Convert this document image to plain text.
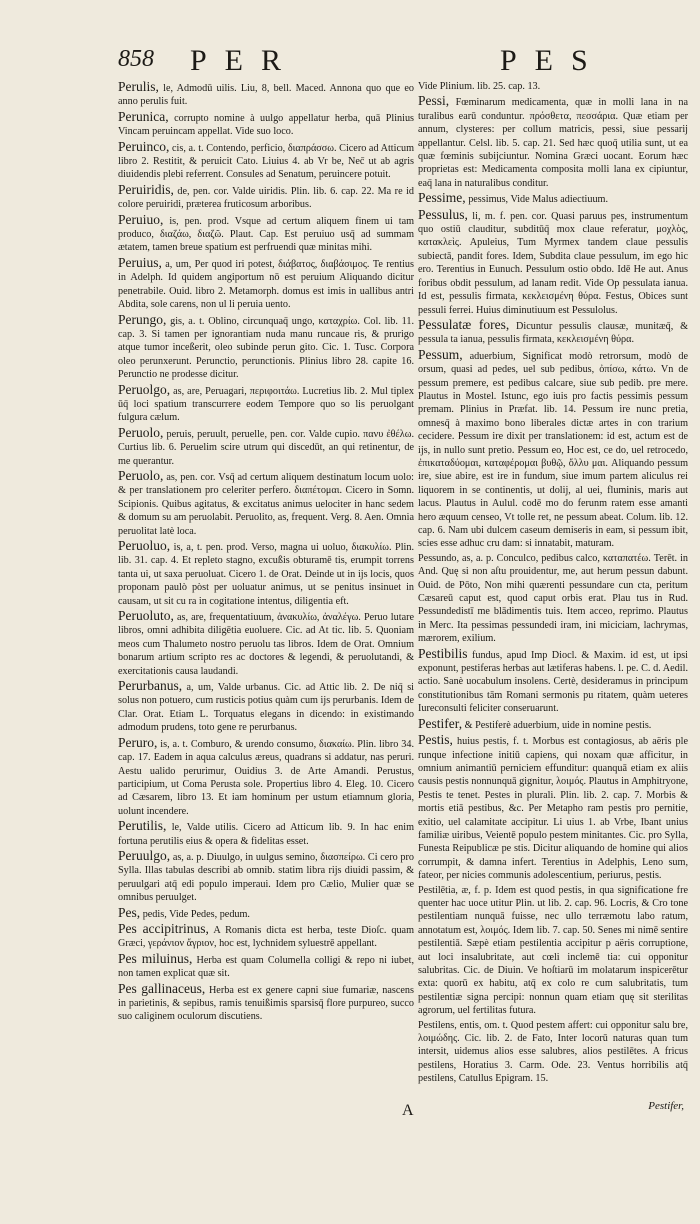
858 PER	PES

Perulis, le, Admodū uilis. Liu, 8, bell. Maced. Annona quo que eo anno perulis fuit.

Perunica, corrupto nomine à uulgo appellatur herba, quā Plinius Vincam peruincam appellat. Vide suo loco.

Peruinco, cis, a. t. Contendo, perficio, διαπράσσω. Cicero ad Atticum libro 2. Restitit, & peruicit Cato. Liuius 4. ab Vr be, Nec̄ ut ab agris diuidendis plebi referrent. Consules ad Senatum, peruincere potuit.

Peruiridis, de, pen. cor. Valde uiridis. Plin. lib. 6. cap. 22. Ma re id colore peruiridi, præterea fruticosum arboribus.

Peruiuo, is, pen. prod. Vsque ad certum aliquem finem ui tam produco, διαζάω, διαζῶ. Plaut. Cap. Est peruiuo usq̄ ad summam ætatem, tamen breue spatium est perfruendi quæ minitas mihi.

Peruius, a, um, Per quod iri potest, διάβατος, διαβάσιμος. Te rentius in Adelph. Id quidem angiportum nō est peruium Aliquando dicitur penetrabile. Ouid. libro 2. Metamorph. domus est imis in uallibus antri Abdita, sole carens, non ul li peruia uento.

Perungo, gis, a. t. Oblino, circunquaq̄ ungo, καταχρίω. Col. lib. 11. cap. 3. Si tamen per ignorantiam nuda manu runcaue ris, & prurigo atque tumor inceßerit, oleo subinde perun gito. Cic. 1. Tusc. Corpora oleo perunxerunt. Perunctio, perunctionis. Plinius libro 28. capite 16. Perunctio ne prodesse dicitur.

Peruolgo, as, are, Peruagari, περιφοιτάω. Lucretius lib. 2. Mul tiplex ūq̄ loci spatium transcurrere eodem Tempore quo so lis peruolgant fulgura cælum.

Peruolo, peruis, peruult, peruelle, pen. cor. Valde cupio. πανυ ἐθέλω. Curtius lib. 6. Peruelim scire utrum qui discedūt, an qui retinentur, de me querantur.

Peruolo, as, pen. cor. Vsq̄ ad certum aliquem destinatum locum uolo: & per translationem pro celeriter perfero. διαπέτομαι. Cicero in Somn. Scipionis. Quibus agitatus, & excitatus animus uelociter in hanc sedem & domum su am peruolabit. Peruolito, as, frequent. Verg. 8. Aen. Omnia peruolitat latè loca.

Peruoluo, is, a, t. pen. prod. Verso, magna ui uoluo, διακυλίω. Plin. lib. 31. cap. 4. Et repleto stagno, excußis obturamē tis, erumpit torrens tanta ui, ut saxa peruoluat. Cicero 1. de Orat. Deinde ut in ijs locis, quos proponam paulò pòst per uoluatur animus, ut se penitus insinuet in causam, ut sit cu ra in cogitatione intentus, diligentia eft.

Peruoluto, as, are, frequentatiuum, ἀνακυλίω, ἀναλέγω. Peruo lutare libros, omni adhibita diligētia euoluere. Cic. ad At tic. lib. 5. Quoniam meos cum Thalumeto nostro peruolu tas libros. Idem de Orat. Omnium bonarum artium scripto res ac doctores & legendi, & peruolutandi, & exercitationis causa laudandi.

Perurbanus, a, um, Valde urbanus. Cic. ad Attic lib. 2. De niq̄ si solus non potuero, cum rusticis potius quàm cum ijs perurbanis. Idem de Clar. Orat. Etiam L. Torquatus elegans in dicendo: in existimando admodum prudens, toto gene re perurbanus.

Peruro, is, a. t. Comburo, & urendo consumo, διακαίω. Plin. libro 34. cap. 17. Eadem in aqua calculus æreus, quadrans si addatur, nas peruri. Aestu ualido perurimur, Ouidius 3. de Arte Amandi. Perustus, participium, ut Coma Perusta sole. Propertius libro 4. Eleg. 10. Cicero ad Cæsarem, libro 13. Et iam hominum per ustum etiamnum gloria, uolunt incendere.

Perutilis, le, Valde utilis. Cicero ad Atticum lib. 9. In hac enim fortuna perutilis eius & opera & fidelitas esset.

Peruulgo, as, a. p. Diuulgo, in uulgus semino, διασπείρω. Ci cero pro Sylla. Illas tabulas describi ab omnib. statim libra rijs diuidi passim, & peruulgari atq̄ edi populo imperaui. Idem pro Cælio, Mulier quæ se omnibus peruulget.

Pes, pedis, Vide Pedes, pedum.

Pes accipitrinus, A Romanis dicta est herba, teste Dioſc. quam Græci, γεράνιον ἄγριον, hoc est, lychnidem syluestrē appellant.

Pes miluinus, Herba est quam Columella colligi & repo ni iubet, non tamen explicat quæ sit.

Pes gallinaceus, Herba est ex genere capni siue fumariæ, nascens in parietinis, & sepibus, ramis tenuißimis sparsisq̄ flore purpureo, succo suo caliginem oculorum discutiens.

Vide Plinium. lib. 25. cap. 13.

Pessi, Fœminarum medicamenta, quæ in molli lana in na turalibus earū conduntur. πρόσθετα, πεσσάρια. Quæ etiam per annum, clysteres: per collum matricis, pessi, siue pessarij appellantur. Celsl. lib. 5. cap. 21. Sed hæc quoq̄ utilia sunt, ut ea quæ fœminis subijciuntur. Nomina Græci uocant. Eorum hæc proprietas est: Medicamenta composita molli lana ex cipiuntur, eaq̄ lana in naturalibus conditur.

Pessime, pessimus, Vide Malus adiectiuum.

Pessulus, li, m. f. pen. cor. Quasi paruus pes, instrumentum quo ostiū clauditur, subditūq̄ mox claue referatur, μοχλὸς, κατακλεὶς. Apuleius, Tum Myrmex tandem claue pessulis subiectā, pandit fores. Idem, Subdita claue pessulum, im ego hic ero. Terentius in Eunuch. Pessulum ostio obdo. Idē He aut. Anus foribus obdit pessulum, ad lanam redit. Vide Op pessulata ianua. Id est, pessulis firmata, κεκλεισμένη θύρα. Festus, Obices sunt pessuli ferrei. Huius diminutiuum est Pessulolus.

Pessulatæ fores, Dicuntur pessulis clausæ, munitæq̄, & pessula ta ianua, pessulis firmata, κεκλεισμένη θύρα.

Pessum, aduerbium, Significat modò retrorsum, modò de orsum, quasi ad pedes, uel sub pedibus, ὀπίσω, κάτω. Vn de pessum premere, est pedibus calcare, siue sub pedib. pre mere. Plautus in Mostel. Istunc, ego iuis pro factis pessimis pessum premam. Plinius in Præfat. lib. 14. Pessum ire nunc pretia, omnesq̄ à maximo bono liberales dictæ artes in con trarium cecidere. Pessum ire dixit per translationem: id est, actum est de ijs, in nullo sunt pretio. Pessum eo, Hoc est, ce do, uel retrocedo, ἐπικαταδύομαι, καταφέρομαι βυθῷ, ὄλλυ μαι. Aliquando pessum ire, siue abire, est ire in fundum, siue imum partem aliculus rei liquorem in se continentis, ut dolij, al uei, fluminis, maris aut lacus. Plautus in Aulul. codē mo do ferunm ratem esse amanti hero æquum censeo, Vt tolle ret, ne pessum abeat. Colum. lib. 12. cap. 6. Nam ubi dulcem caseum demiseris in eam, si pessum ibit, scies esse adhuc cru dam: si innatabit, maturam.

Pessundo, as, a. p. Conculco, pedibus calco, καταπατέω. Terēt. in And. Quę si non aſtu prouidentur, me, aut herum pessun dabunt. Ouid. de Pōto, Non mihi quærenti pessundare cun cta, peritum Cæsareū caput est, quod caput orbis erat. Plau tus in Rud. Pessundedistī me blādimentis tuis. Item acceo, reprimo. Plautus in Merc. Ita pessimas pessundedi iram, ini miciciam, lachrymas, mærorem, exilium.

Pestibilis fundus, apud Imp Diocl. & Maxim. id est, ut ipsi exponunt, pestiferas herbas aut lætiferas habens. l. pe. C. d. Aedil. actio. Sanè uocabulum insolens. Certè, desideramus in principum constitutionibus tām Romani sermonis pu ritatem, quàm ueteres Iureconsulti feliciter conseruarunt.

Pestifer, & Pestiferè aduerbium, uide in nomine pestis.

Pestis, huius pestis, f. t. Morbus est contagiosus, ab aëris ple runque infectione initiū capiens, qui noxam quæ afficitur, in omnium animantiū perniciem effunditur: quanquā etiam ex aliis causis pestis nonnunquā gignitur, λοιμός. Plautus in Amphitryone, Pestis te tenet. Pestes in plurali. Plin. lib. 2. cap. 7. Morbis & mortis etiā pestibus, &c. Per Metapho ram pestis pro pernitie, exitio, uel calamitate accipitur. Li uius 1. ab Vrbe, Ibant unius familiæ uiribus, Veientē populo pestem minitantes. Cic. pro Sylla, Funesta Reipublicæ pe stis. Dicitur aliquando de homine qui alios corrumpit, & damna infert. Terentius in Adelphis, Leno sum, fateor, per nicies communis adolescentium, periurus, pestis.

Pestilētia, æ, f. p. Idem est quod pestis, in qua significatione fre quenter hac uoce utitur Plin. ut lib. 2. cap. 96. Locris, & Cro tone pestilentiam nunquā fuisse, nec ullo terræmotu labo ratum, annotatum est, λοιμός. Idem lib. 7. cap. 50. Senes mi nimē sentire pestilentiā. Sæpè etiam pestilentia accipitur p aëris corruptione, aut loci insalubritate, aut cœli inclemē tia: cui opponitur salubritas. Cic. de Diuin. Ve hoſtiarū im molatarum inspicerētur exta: quorū ex habitu, atq̄ ex colo re cum salubritatis, tum pestilentiæ signa percipi: nonnun quam etiam quę sit sterilitas agrorum, uel fertilitas futura.

Pestilens, entis, om. t. Quod pestem affert: cui opponitur salu bre, λοιμώδης. Cic. lib. 2. de Fato, Inter locorū naturas quan tum intersit, uidemus alios esse salubres, alios pestilētes. A fricus pestilens, Horatius 3. Carm. Ode. 23. Ventus horribilis atq̄ pestilens, Catullus Epigram. 15.

A	Pestifer,
